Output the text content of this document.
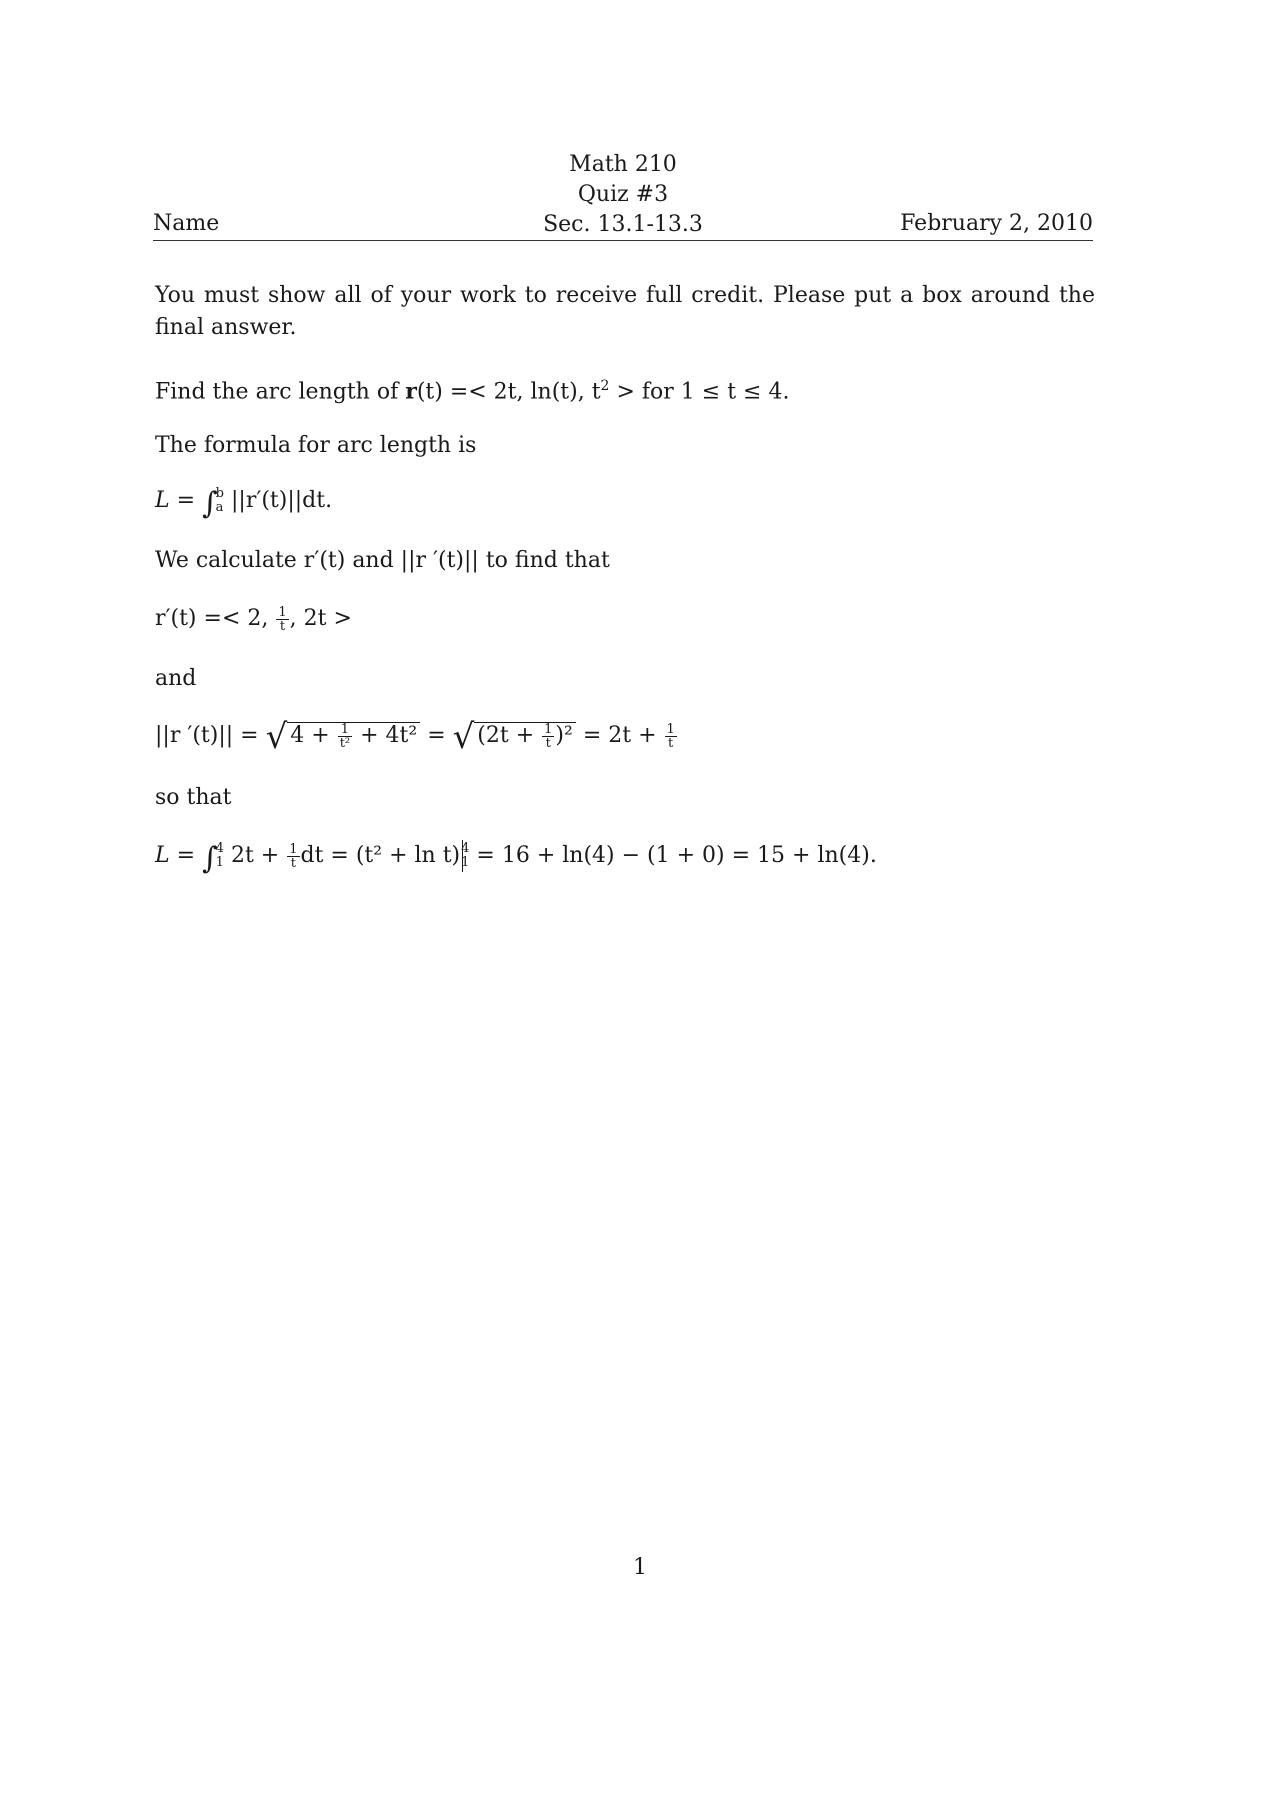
Math 210
Quiz #3
Sec. 13.1-13.3
Name	February 2, 2010
You must show all of your work to receive full credit. Please put a box around the final answer.
Find the arc length of r(t) =< 2t, ln(t), $t^2$ > for 1 ≤ t ≤ 4.
The formula for arc length is
L = ∫
b
a ||r′(t)||dt.
We calculate r′(t) and ||r ′(t)|| to find that
r′(t) =< 2, $\frac{1}{t}$ , 2t >
and
||r ′(t)|| = √ $4 + \frac{1}{\text{t²}} + 4t^2$ = √ $(2t + \frac{1}{t} )^2 = 2t + \frac{1}{t}$
so that
L = ∫
4
1 $2t + \frac{1}{t}$ dt = (t² + ln t) 4
1 = 16 + ln(4) − (1 + 0) = 15 + ln(4).
1
